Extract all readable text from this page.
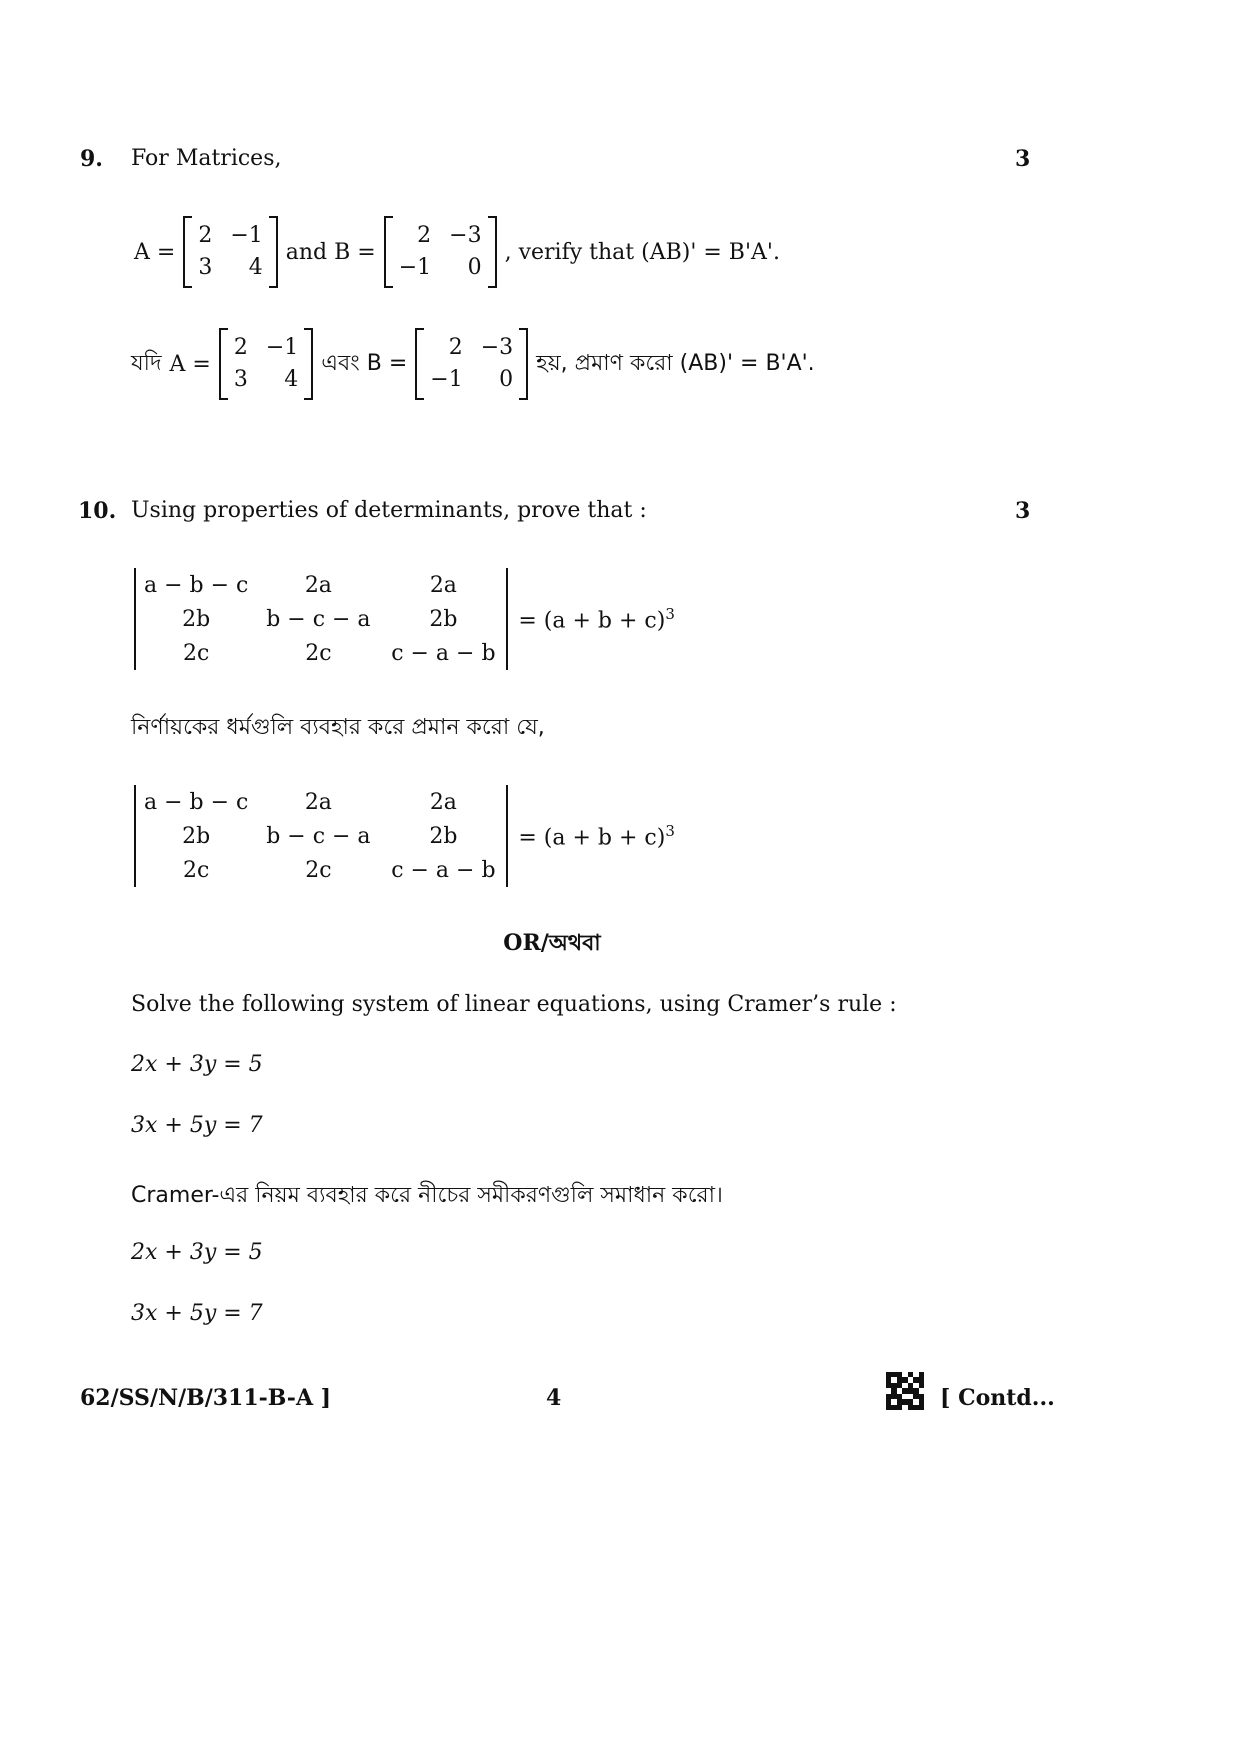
9. For Matrices,	3
A =
2	−1
3	4
and B =
2	−3
−1	0
, verify that (AB)' = B'A'.
যদি A =
2	−1
3	4
এবং B =
2	−3
−1	0
হয়, প্রমাণ করো (AB)' = B'A'.
10. Using properties of determinants, prove that :	3
a − b − c	2a	2a
2b	b − c − a	2b
2c	2c	c − a − b
= $(a + b + c)^3$
নির্ণায়কের ধর্মগুলি ব্যবহার করে প্রমান করো যে,
a − b − c	2a	2a
2b	b − c − a	2b
2c	2c	c − a − b
= $(a + b + c)^3$
OR/অথবা
Solve the following system of linear equations, using Cramer’s rule :
2x + 3y = 5
3x + 5y = 7
Cramer-এর নিয়ম ব্যবহার করে নীচের সমীকরণগুলি সমাধান করো।
2x + 3y = 5
3x + 5y = 7
62/SS/N/B/311-B-A ]	4	[ Contd...
